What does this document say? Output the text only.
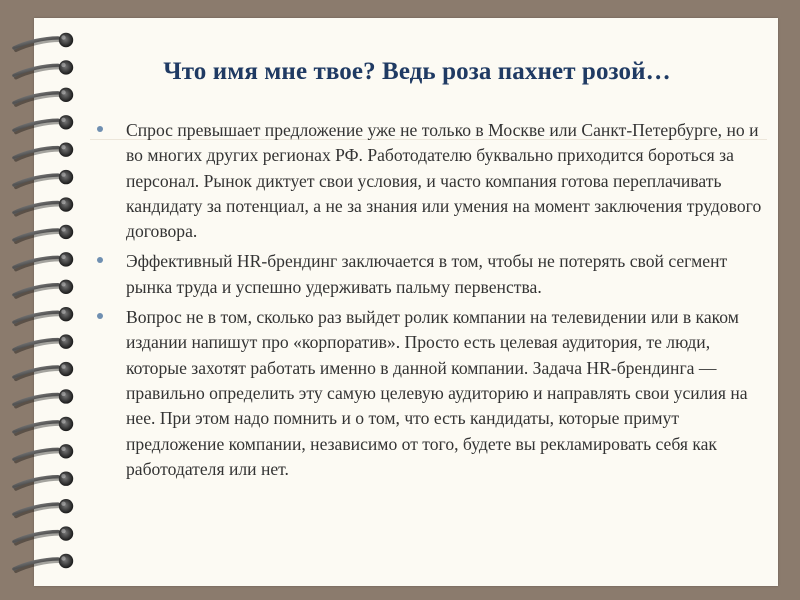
Что имя мне твое? Ведь роза пахнет розой…
Спрос превышает предложение уже не только в Москве или Санкт-Петербурге, но и во многих других регионах РФ. Работодателю буквально приходится бороться за персонал. Рынок диктует свои условия, и часто компания готова переплачивать кандидату за потенциал, а не за знания или умения на момент заключения трудового договора.
Эффективный HR-брендинг заключается в том, чтобы не потерять свой сегмент рынка труда и успешно удерживать пальму первенства.
Вопрос не в том, сколько раз выйдет ролик компании на телевидении или в каком издании напишут про «корпоратив». Просто есть целевая аудитория, те люди, которые захотят работать именно в данной компании. Задача HR-брендинга — правильно определить эту самую целевую аудиторию и направлять свои усилия на нее. При этом надо помнить и о том, что есть кандидаты, которые примут предложение компании, независимо от того, будете вы рекламировать себя как работодателя или нет.
